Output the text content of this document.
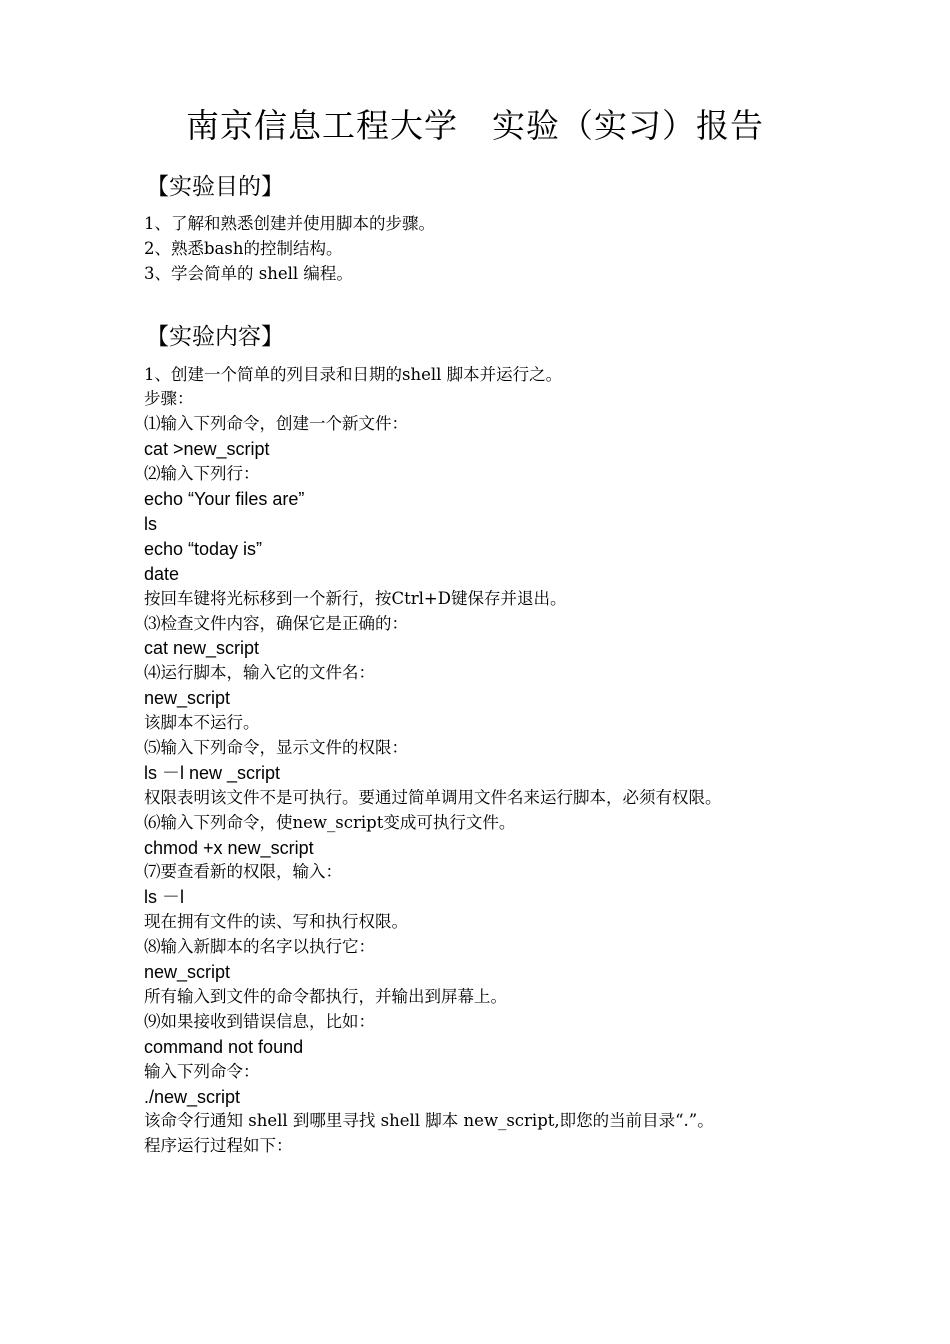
南京信息工程大学　实验（实习）报告
【实验目的】
1、了解和熟悉创建并使用脚本的步骤。
2、熟悉bash的控制结构。
3、学会简单的 shell 编程。
【实验内容】
1、创建一个简单的列目录和日期的shell 脚本并运行之。
步骤：
⑴输入下列命令，创建一个新文件：
cat >new_script
⑵输入下列行：
echo “Your files are”
ls
echo “today is”
date
按回车键将光标移到一个新行，按Ctrl+D键保存并退出。
⑶检查文件内容，确保它是正确的：
cat new_script
⑷运行脚本，输入它的文件名：
new_script
该脚本不运行。
⑸输入下列命令，显示文件的权限：
ls －l new _script
权限表明该文件不是可执行。要通过简单调用文件名来运行脚本，必须有权限。
⑹输入下列命令，使new_script变成可执行文件。
chmod +x new_script
⑺要查看新的权限，输入：
ls －l
现在拥有文件的读、写和执行权限。
⑻输入新脚本的名字以执行它：
new_script
所有输入到文件的命令都执行，并输出到屏幕上。
⑼如果接收到错误信息，比如：
command not found
输入下列命令：
./new_script
该命令行通知 shell 到哪里寻找 shell 脚本 new_script,即您的当前目录“.”。
程序运行过程如下：
